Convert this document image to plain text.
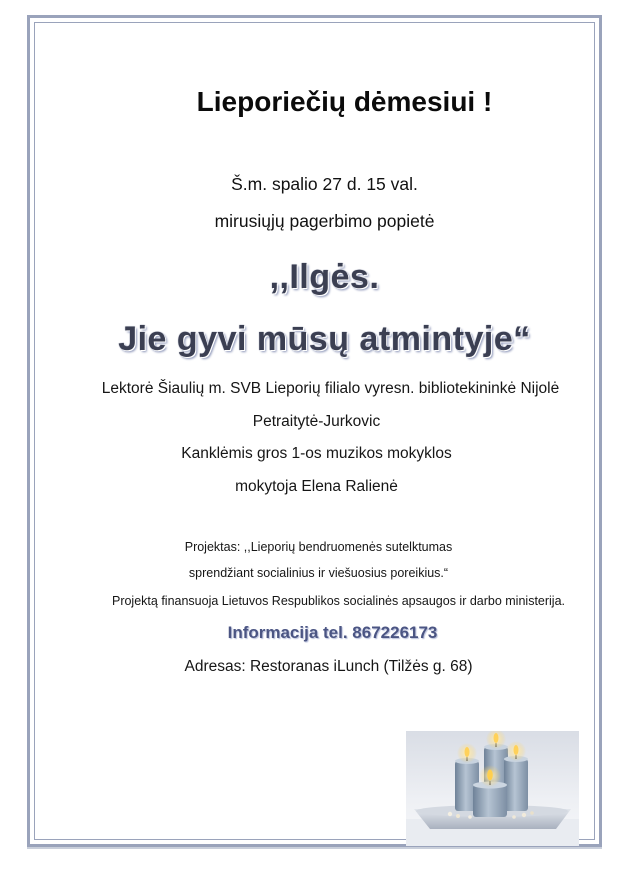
Lieporiečių dėmesiui !
Š.m. spalio 27 d. 15 val.
mirusiųjų pagerbimo popietė
,,Ilgės.
Jie gyvi mūsų atmintyje“
Lektorė Šiaulių m. SVB Lieporių filialo vyresn. bibliotekininkė Nijolė
Petraitytė-Jurkovic
Kanklėmis gros 1-os muzikos mokyklos
mokytoja Elena Ralienė
Projektas: ,,Lieporių bendruomenės sutelktumas
sprendžiant socialinius ir viešuosius poreikius.“
Projektą finansuoja Lietuvos Respublikos socialinės apsaugos ir darbo ministerija.
Informacija tel. 867226173
Adresas: Restoranas iLunch (Tilžės g. 68)
